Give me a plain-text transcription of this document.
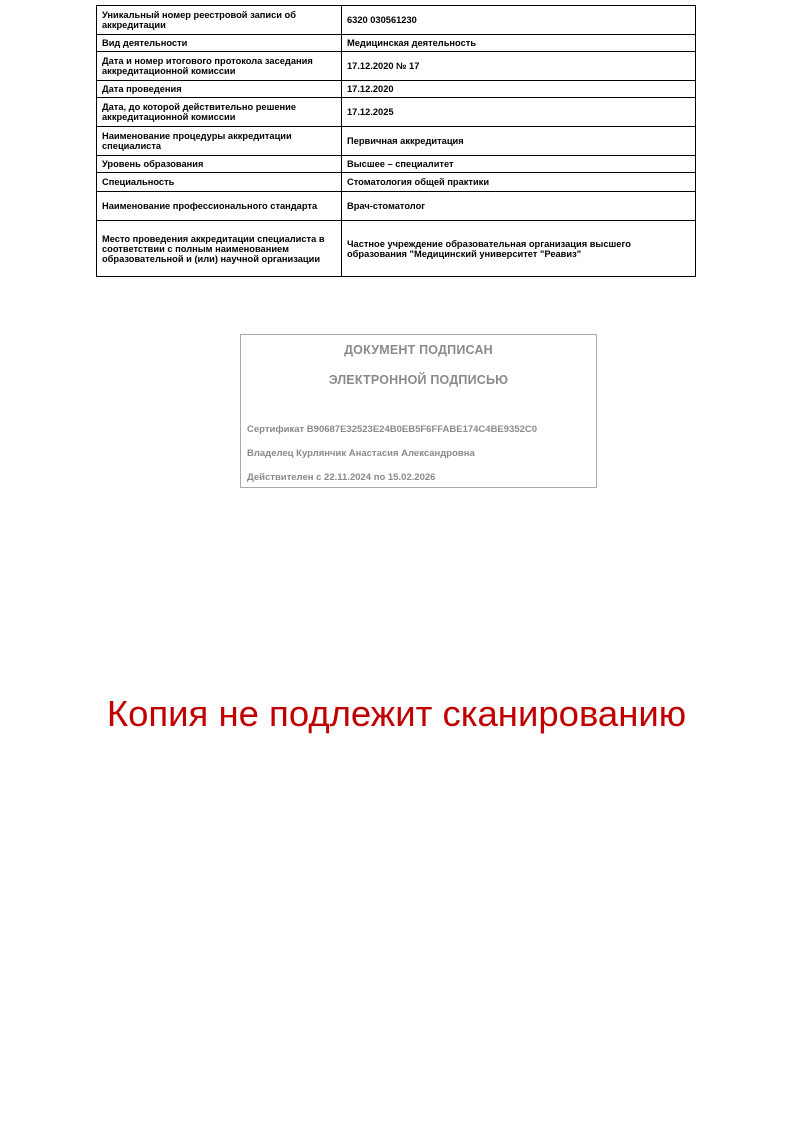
Уникальный номер реестровой записи об аккредитации	6320 030561230
Вид деятельности	Медицинская деятельность
Дата и номер итогового протокола заседания аккредитационной комиссии	17.12.2020 № 17
Дата проведения	17.12.2020
Дата, до которой действительно решение аккредитационной комиссии	17.12.2025
Наименование процедуры аккредитации специалиста	Первичная аккредитация
Уровень образования	Высшее – специалитет
Специальность	Стоматология общей практики
Наименование профессионального стандарта	Врач-стоматолог
Место проведения аккредитации специалиста в соответствии с полным наименованием образовательной и (или) научной организации	Частное учреждение образовательная организация высшего образования "Медицинский университет "Реавиз"
ДОКУМЕНТ ПОДПИСАН
ЭЛЕКТРОННОЙ ПОДПИСЬЮ
Сертификат B90687E32523E24B0EB5F6FFABE174C4BE9352C0
Владелец Курлянчик Анастасия Александровна
Действителен с 22.11.2024 по 15.02.2026
Копия не подлежит сканированию
